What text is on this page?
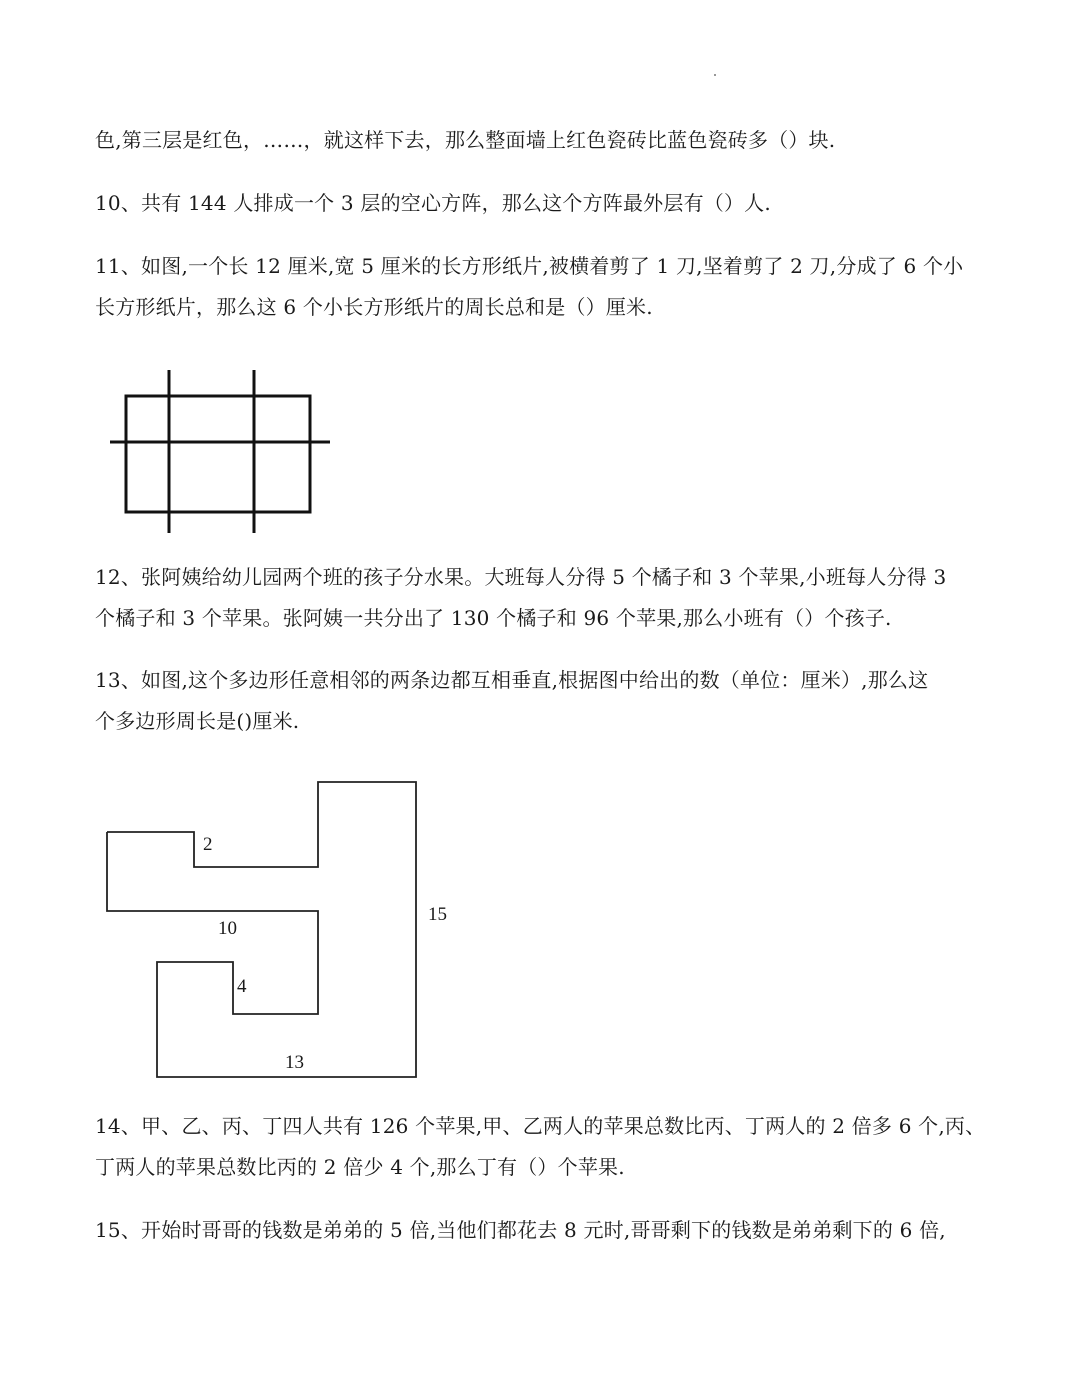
色,第三层是红色，……，就这样下去，那么整面墙上红色瓷砖比蓝色瓷砖多（）块.

10、共有 144 人排成一个 3 层的空心方阵，那么这个方阵最外层有（）人.

11、如图,一个长 12 厘米,宽 5 厘米的长方形纸片,被横着剪了 1 刀,坚着剪了 2 刀,分成了 6 个小

长方形纸片，那么这 6 个小长方形纸片的周长总和是（）厘米.

12、张阿姨给幼儿园两个班的孩子分水果。大班每人分得 5 个橘子和 3 个苹果,小班每人分得 3

个橘子和 3 个苹果。张阿姨一共分出了 130 个橘子和 96 个苹果,那么小班有（）个孩子.

13、如图,这个多边形任意相邻的两条边都互相垂直,根据图中给出的数（单位：厘米）,那么这

个多边形周长是()厘米.

2
10
15
4
13

14、甲、乙、丙、丁四人共有 126 个苹果,甲、乙两人的苹果总数比丙、丁两人的 2 倍多 6 个,丙、

丁两人的苹果总数比丙的 2 倍少 4 个,那么丁有（）个苹果.

15、开始时哥哥的钱数是弟弟的 5 倍,当他们都花去 8 元时,哥哥剩下的钱数是弟弟剩下的 6 倍,
